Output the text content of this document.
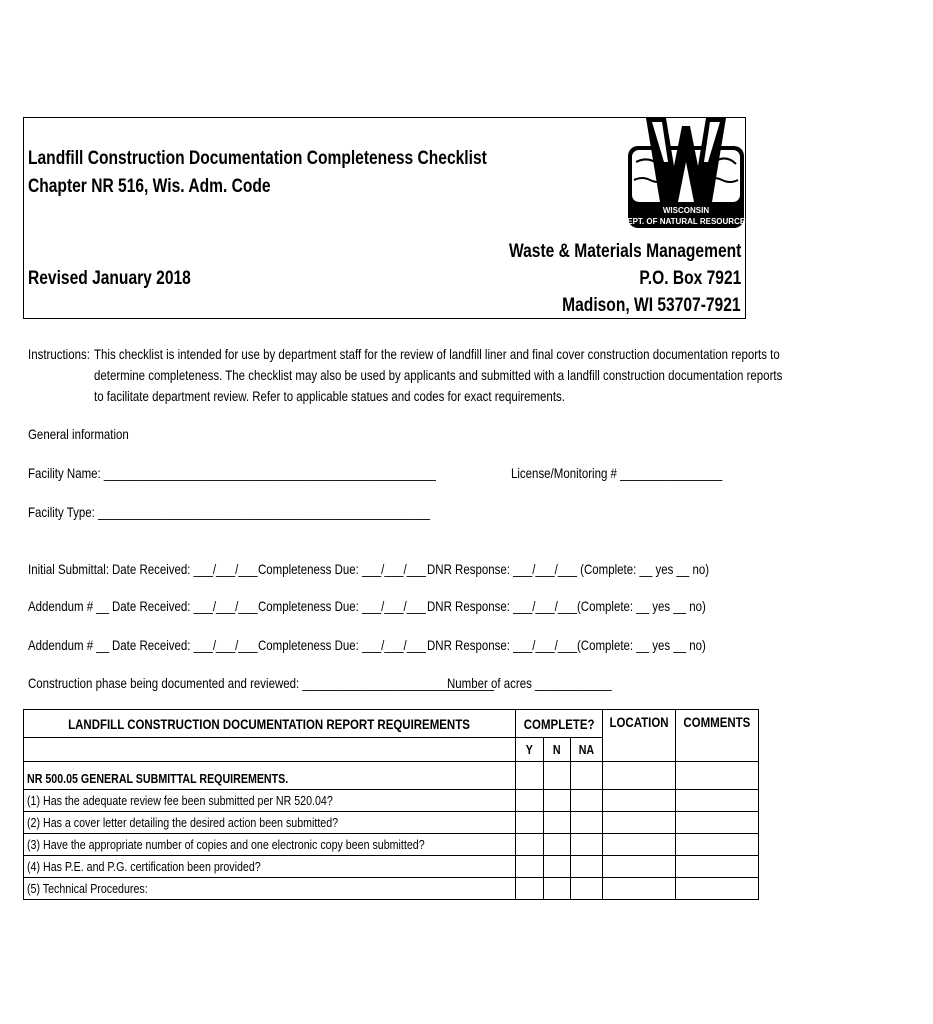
Landfill Construction Documentation Completeness Checklist
Chapter NR 516, Wis. Adm. Code
Revised January 2018
WISCONSIN
DEPT. OF NATURAL RESOURCES
Waste & Materials Management
P.O. Box 7921
Madison, WI 53707-7921
Instructions: This checklist is intended for use by department staff for the review of landfill liner and final cover construction documentation reports to
determine completeness. The checklist may also be used by applicants and submitted with a landfill construction documentation reports
to facilitate department review. Refer to applicable statues and codes for exact requirements.
General information
Facility Name: ____________________________________________________	License/Monitoring # ________________
Facility Type: ____________________________________________________
Initial Submittal: Date Received: ___/___/___ Completeness Due: ___/___/___ DNR Response: ___/___/___ (Complete: __ yes __ no)
Addendum # __ Date Received: ___/___/___ Completeness Due: ___/___/___ DNR Response: ___/___/___(Complete: __ yes __ no)
Addendum # __ Date Received: ___/___/___ Completeness Due: ___/___/___ DNR Response: ___/___/___(Complete: __ yes __ no)
Construction phase being documented and reviewed: ______________________________
Number of acres ____________
LANDFILL CONSTRUCTION DOCUMENTATION REPORT REQUIREMENTS	COMPLETE?			LOCATION	COMMENTS
	Y	N	NA		
NR 500.05 GENERAL SUBMITTAL REQUIREMENTS.					
(1) Has the adequate review fee been submitted per NR 520.04?					
(2) Has a cover letter detailing the desired action been submitted?					
(3) Have the appropriate number of copies and one electronic copy been submitted?					
(4) Has P.E. and P.G. certification been provided?					
(5) Technical Procedures:					
